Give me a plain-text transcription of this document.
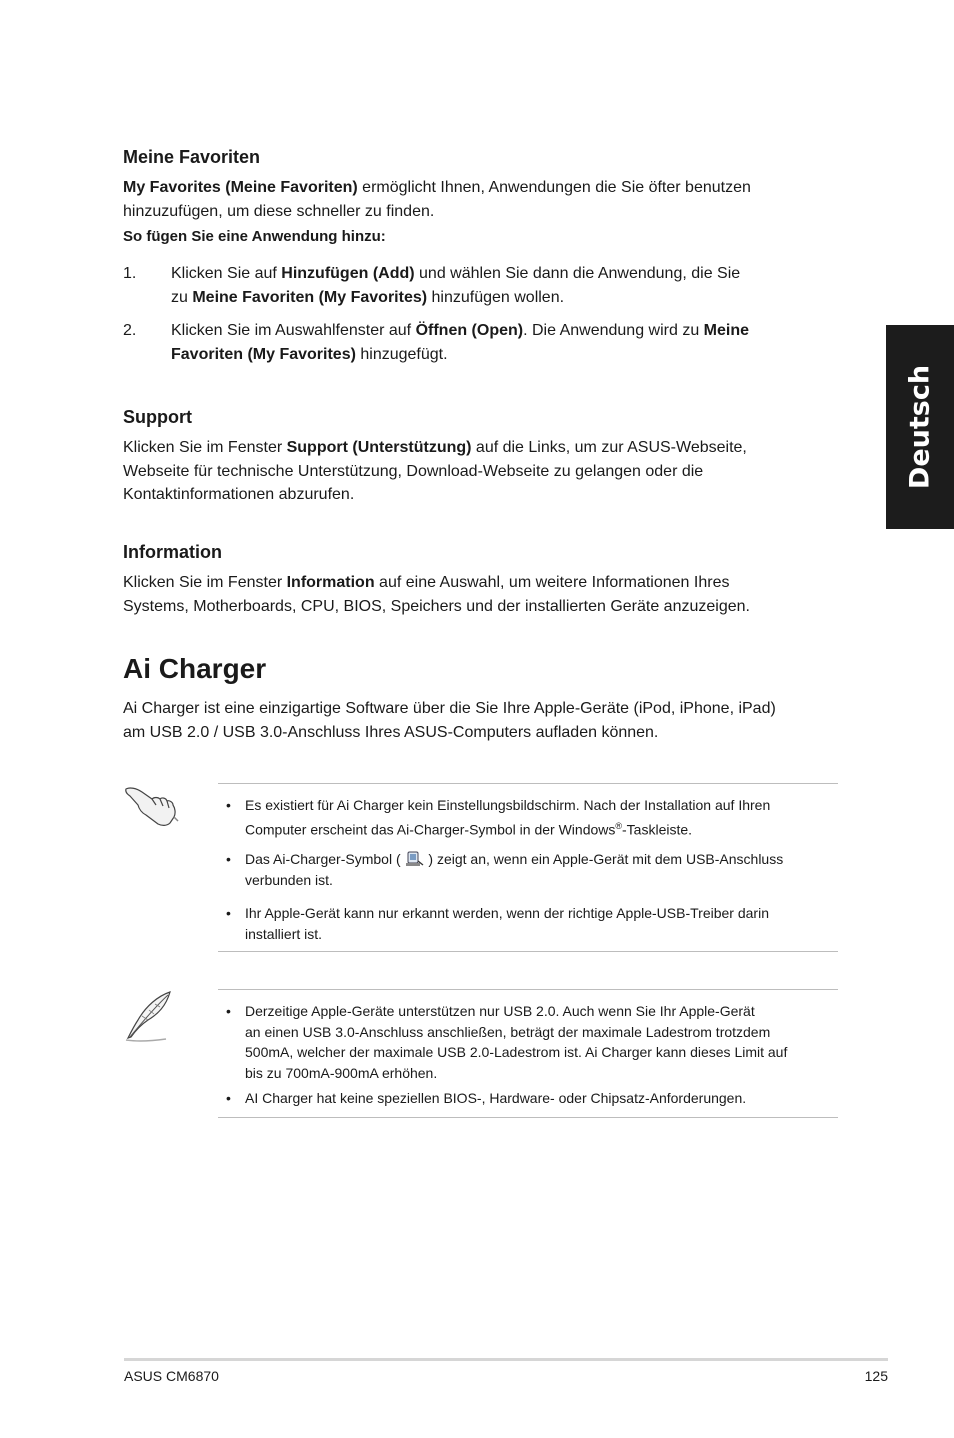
Deutsch
Meine Favoriten
My Favorites (Meine Favoriten) ermöglicht Ihnen, Anwendungen die Sie öfter benutzen
hinzuzufügen, um diese schneller zu finden.
So fügen Sie eine Anwendung hinzu:
1. Klicken Sie auf Hinzufügen (Add) und wählen Sie dann die Anwendung, die Sie
zu Meine Favoriten (My Favorites) hinzufügen wollen.
2. Klicken Sie im Auswahlfenster auf Öffnen (Open). Die Anwendung wird zu Meine
Favoriten (My Favorites) hinzugefügt.
Support
Klicken Sie im Fenster Support (Unterstützung) auf die Links, um zur ASUS-Webseite,
Webseite für technische Unterstützung, Download-Webseite zu gelangen oder die
Kontaktinformationen abzurufen.
Information
Klicken Sie im Fenster Information auf eine Auswahl, um weitere Informationen Ihres
Systems, Motherboards, CPU, BIOS, Speichers und der installierten Geräte anzuzeigen.
Ai Charger
Ai Charger ist eine einzigartige Software über die Sie Ihre Apple-Geräte (iPod, iPhone, iPad)
am USB 2.0 / USB 3.0-Anschluss Ihres ASUS-Computers aufladen können.
• Es existiert für Ai Charger kein Einstellungsbildschirm. Nach der Installation auf Ihren
Computer erscheint das Ai-Charger-Symbol in der Windows®-Taskleiste.
• Das Ai-Charger-Symbol (  ) zeigt an, wenn ein Apple-Gerät mit dem USB-Anschluss
verbunden ist.
• Ihr Apple-Gerät kann nur erkannt werden, wenn der richtige Apple-USB-Treiber darin
installiert ist.
• Derzeitige Apple-Geräte unterstützen nur USB 2.0. Auch wenn Sie Ihr Apple-Gerät
an einen USB 3.0-Anschluss anschließen, beträgt der maximale Ladestrom trotzdem
500mA, welcher der maximale USB 2.0-Ladestrom ist. Ai Charger kann dieses Limit auf
bis zu 700mA-900mA erhöhen.
• AI Charger hat keine speziellen BIOS-, Hardware- oder Chipsatz-Anforderungen.
ASUS CM6870	125
